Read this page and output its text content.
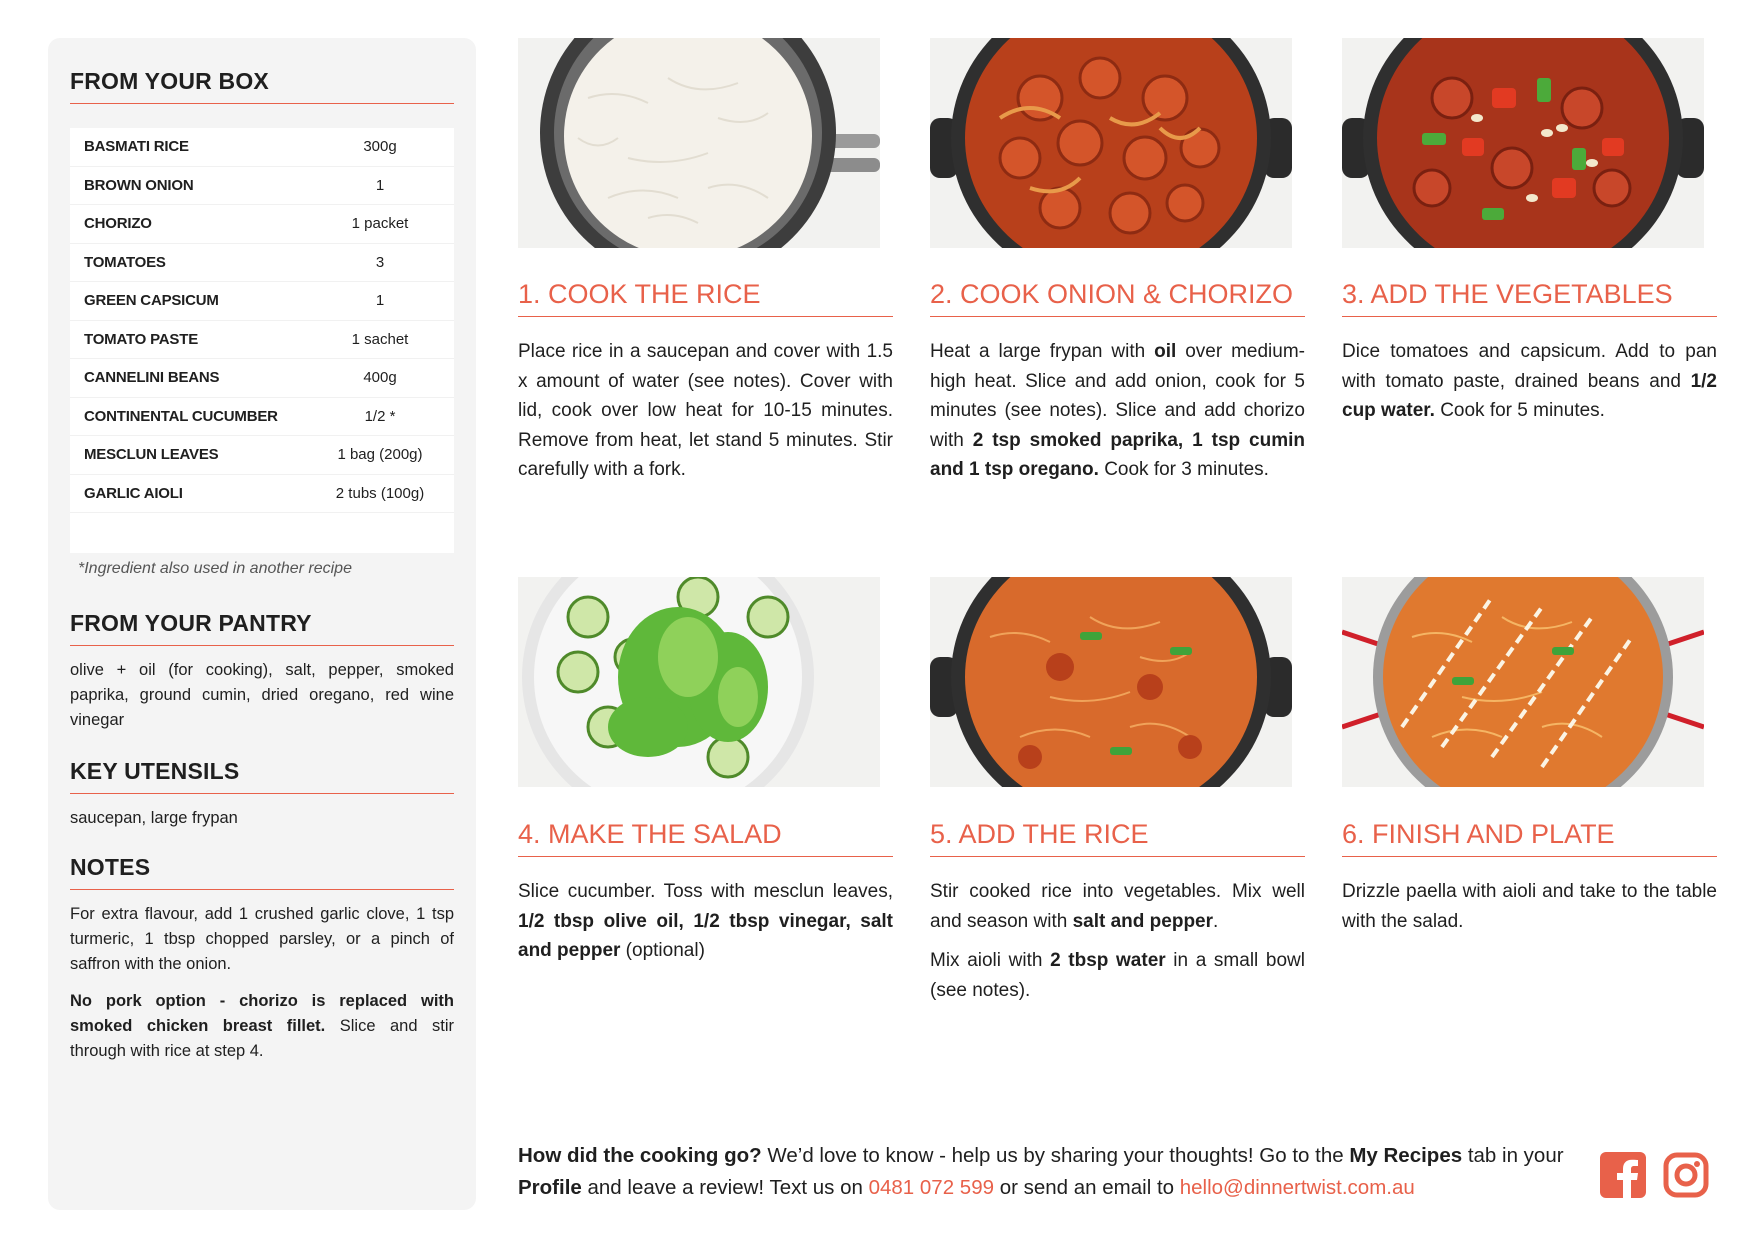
FROM YOUR BOX
BASMATI RICE	300g
BROWN ONION	1
CHORIZO	1 packet
TOMATOES	3
GREEN CAPSICUM	1
TOMATO PASTE	1 sachet
CANNELINI BEANS	400g
CONTINENTAL CUCUMBER	1/2 *
MESCLUN LEAVES	1 bag (200g)
GARLIC AIOLI	2 tubs (100g)
*Ingredient also used in another recipe
FROM YOUR PANTRY
olive + oil (for cooking), salt, pepper, smoked paprika, ground cumin, dried oregano, red wine vinegar
KEY UTENSILS
saucepan, large frypan
NOTES
For extra flavour, add 1 crushed garlic clove, 1 tsp turmeric, 1 tbsp chopped parsley, or a pinch of saffron with the onion.
No pork option - chorizo is replaced with smoked chicken breast fillet. Slice and stir through with rice at step 4.
1. COOK THE RICE

Place rice in a saucepan and cover with 1.5 x amount of water (see notes). Cover with lid, cook over low heat for 10-15 minutes. Remove from heat, let stand 5 minutes. Stir carefully with a fork.

2. COOK ONION & CHORIZO

Heat a large frypan with oil over medium-high heat. Slice and add onion, cook for 5 minutes (see notes). Slice and add chorizo with 2 tsp smoked paprika, 1 tsp cumin and 1 tsp oregano. Cook for 3 minutes.

3. ADD THE VEGETABLES

Dice tomatoes and capsicum. Add to pan with tomato paste, drained beans and 1/2 cup water. Cook for 5 minutes.

4. MAKE THE SALAD

Slice cucumber. Toss with mesclun leaves, 1/2 tbsp olive oil, 1/2 tbsp vinegar, salt and pepper (optional)

5. ADD THE RICE

Stir cooked rice into vegetables. Mix well and season with salt and pepper.

Mix aioli with 2 tbsp water in a small bowl (see notes).

6. FINISH AND PLATE

Drizzle paella with aioli and take to the table with the salad.

How did the cooking go? We’d love to know - help us by sharing your thoughts! Go to the My Recipes tab in your Profile and leave a review! Text us on 0481 072 599 or send an email to hello@dinnertwist.com.au
